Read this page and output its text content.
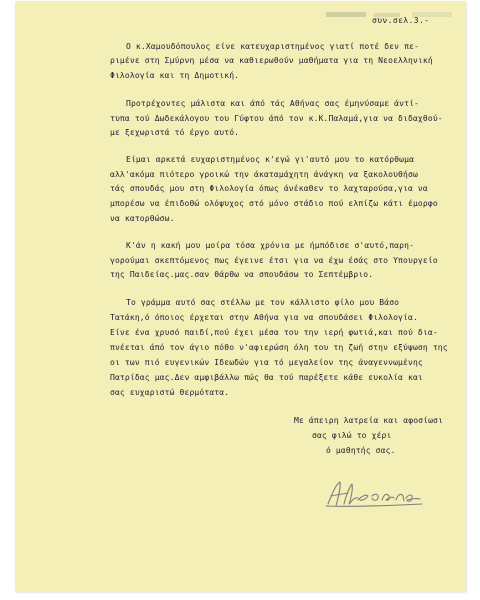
συν.σελ.3.-
Ο κ.Χαμουδόπουλος είνε κατευχαριστημένος γιατί ποτέ δεν πε-
ριμένε στη Σμύρνη μέσα να καθιερωθούν μαθήματα για τη Νεοελληνική
Φιλολογία και τη Δημοτική.
Προτρέχοντες μάλιστα και άπό τάς Αθήνας σας έμηνύσαμε άντί-
τυπα τού Δωδεκάλογου του Γύφτου άπό τον κ.Κ.Παλαμά,για να διδαχθού-
με ξεχωριστά τό έργο αυτό.
Είμαι αρκετά ευχαριστημένος κ'εγώ γι'αυτό μου το κατόρθωμα
αλλ'ακόμα πιότερο γροικώ την άκαταμάχητη άνάγκη να ξακολουθήσω
τάς σπουδάς μου στη Φιλολογία όπως άνέκαθεν το λαχταρούσα,για να
μπορέσω να έπιδοθώ ολόψυχος στό μόνο στάδιο πού ελπίζω κάτι έμορφο
να κατορθώσω.
Κ'άν η κακή μου μοίρα τόσα χρόνια με ήμπόδισε σ'αυτό,παρη-
γορούμαι σκεπτόμενος πως έγεινε έτσι για να έχω έσάς στο Υπουργείο
της Παιδείας.μας.σαν θάρθω να σπουδάσω το Σεπτέμβριο.
Το γράμμα αυτό σας στέλλω με τον κάλλιστο φίλο μου Βάσο
Τατάκη,ό όποιος έρχεται στην Αθήνα για να σπουδάσει Φιλολογία.
Είνε ένα χρυσό παιδί,πού έχει μέσα του την ιερή φωτιά,και πού δια-
πνέεται άπό τον άγιο πόθο ν'αφιερώση όλη του τη ζωή στην εξύψωση της
οι των πιό ευγενικών Ιδεωδών για τό μεγαλείον της άναγεννωμένης
Πατρίδας μας.Δεν αμφιβάλλω πώς θα τού παρέξετε κάθε ευκολία και
σας ευχαριστώ θερμότατα.
Με άπειρη λατρεία και αφοσίωσι
σας φιλώ το χέρι
ό μαθητής σας.
